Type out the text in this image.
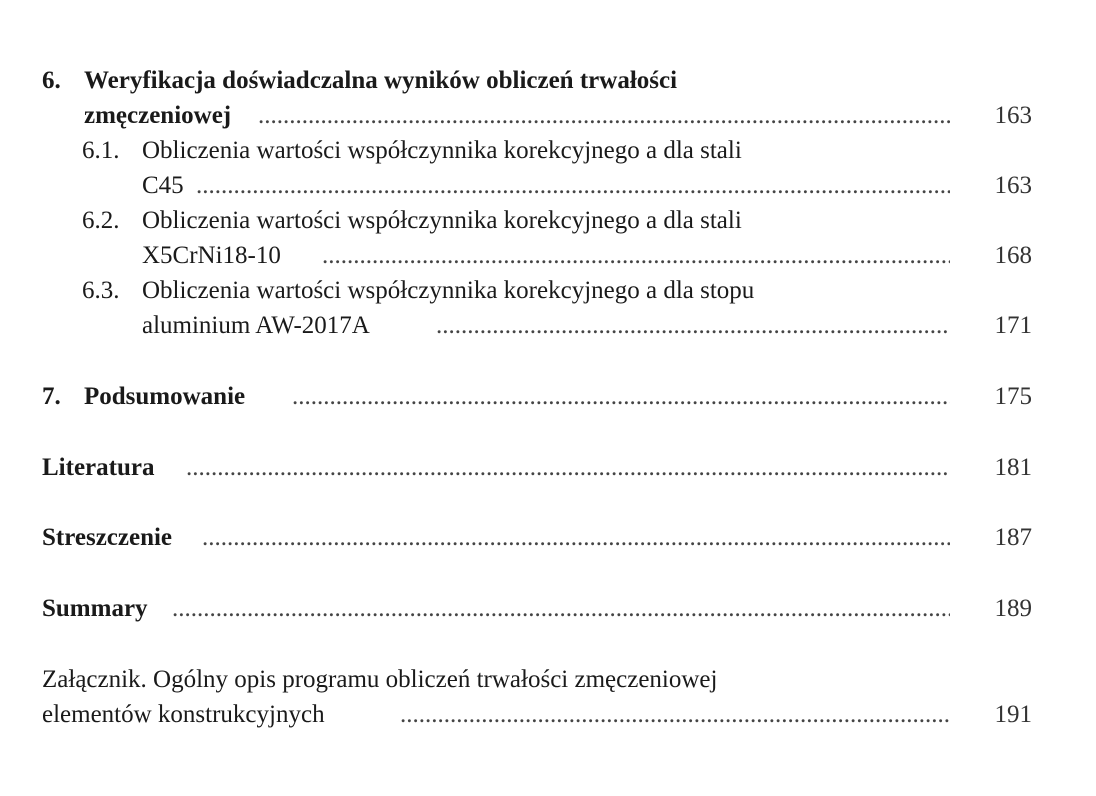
6. Weryfikacja doświadczalna wyników obliczeń trwałości
zmęczeniowej .....	163
6.1. Obliczenia wartości współczynnika korekcyjnego a dla stali
C45 .....	163
6.2. Obliczenia wartości współczynnika korekcyjnego a dla stali
X5CrNi18-10 .....	168
6.3. Obliczenia wartości współczynnika korekcyjnego a dla stopu
aluminium AW-2017A .....	171
7. Podsumowanie .....	175
Literatura .....	181
Streszczenie .....	187
Summary .....	189
Załącznik. Ogólny opis programu obliczeń trwałości zmęczeniowej
elementów konstrukcyjnych .....	191
